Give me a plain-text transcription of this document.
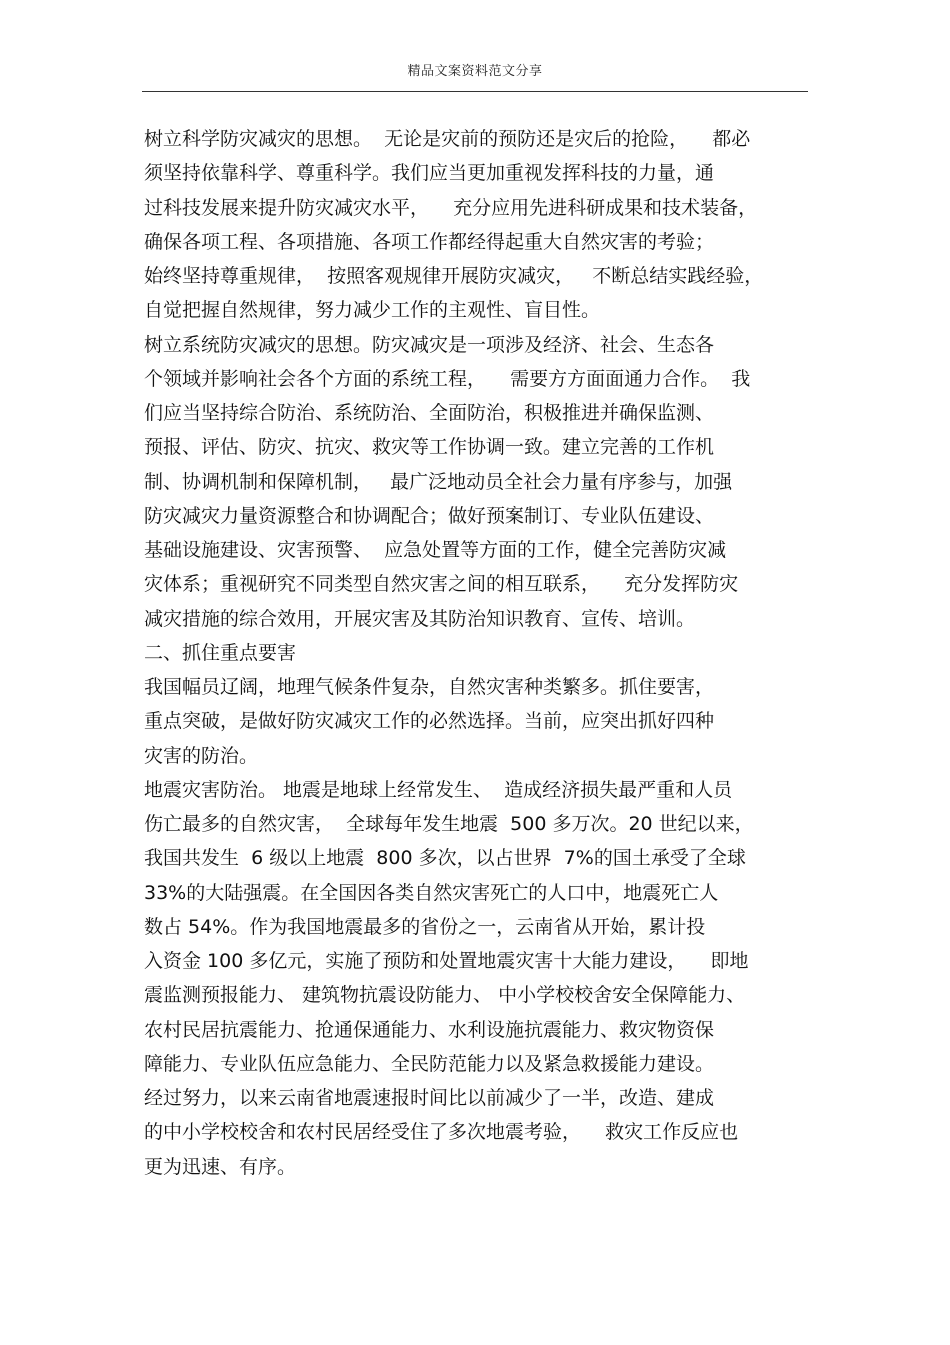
精品文案资料范文分享
树立科学防灾减灾的思想。  无论是灾前的预防还是灾后的抢险，    都必
须坚持依靠科学、尊重科学。我们应当更加重视发挥科技的力量，通
过科技发展来提升防灾减灾水平，    充分应用先进科研成果和技术装备，
确保各项工程、各项措施、各项工作都经得起重大自然灾害的考验；
始终坚持尊重规律，  按照客观规律开展防灾减灾，   不断总结实践经验，
自觉把握自然规律，努力减少工作的主观性、盲目性。
树立系统防灾减灾的思想。防灾减灾是一项涉及经济、社会、生态各
个领域并影响社会各个方面的系统工程，    需要方方面面通力合作。  我
们应当坚持综合防治、系统防治、全面防治，积极推进并确保监测、
预报、评估、防灾、抗灾、救灾等工作协调一致。建立完善的工作机
制、协调机制和保障机制，   最广泛地动员全社会力量有序参与，加强
防灾减灾力量资源整合和协调配合；做好预案制订、专业队伍建设、
基础设施建设、灾害预警、  应急处置等方面的工作，健全完善防灾减
灾体系；重视研究不同类型自然灾害之间的相互联系，    充分发挥防灾
减灾措施的综合效用，开展灾害及其防治知识教育、宣传、培训。
二、抓住重点要害
我国幅员辽阔，地理气候条件复杂，自然灾害种类繁多。抓住要害，
重点突破，是做好防灾减灾工作的必然选择。当前，应突出抓好四种
灾害的防治。
地震灾害防治。 地震是地球上经常发生、  造成经济损失最严重和人员
伤亡最多的自然灾害，  全球每年发生地震  500 多万次。20 世纪以来，
我国共发生  6 级以上地震  800 多次，以占世界  7%的国土承受了全球
33%的大陆强震。在全国因各类自然灾害死亡的人口中，地震死亡人
数占 54%。作为我国地震最多的省份之一，云南省从开始，累计投
入资金 100 多亿元，实施了预防和处置地震灾害十大能力建设，    即地
震监测预报能力、 建筑物抗震设防能力、 中小学校校舍安全保障能力、
农村民居抗震能力、抢通保通能力、水利设施抗震能力、救灾物资保
障能力、专业队伍应急能力、全民防范能力以及紧急救援能力建设。
经过努力，以来云南省地震速报时间比以前减少了一半，改造、建成
的中小学校校舍和农村民居经受住了多次地震考验，    救灾工作反应也
更为迅速、有序。
